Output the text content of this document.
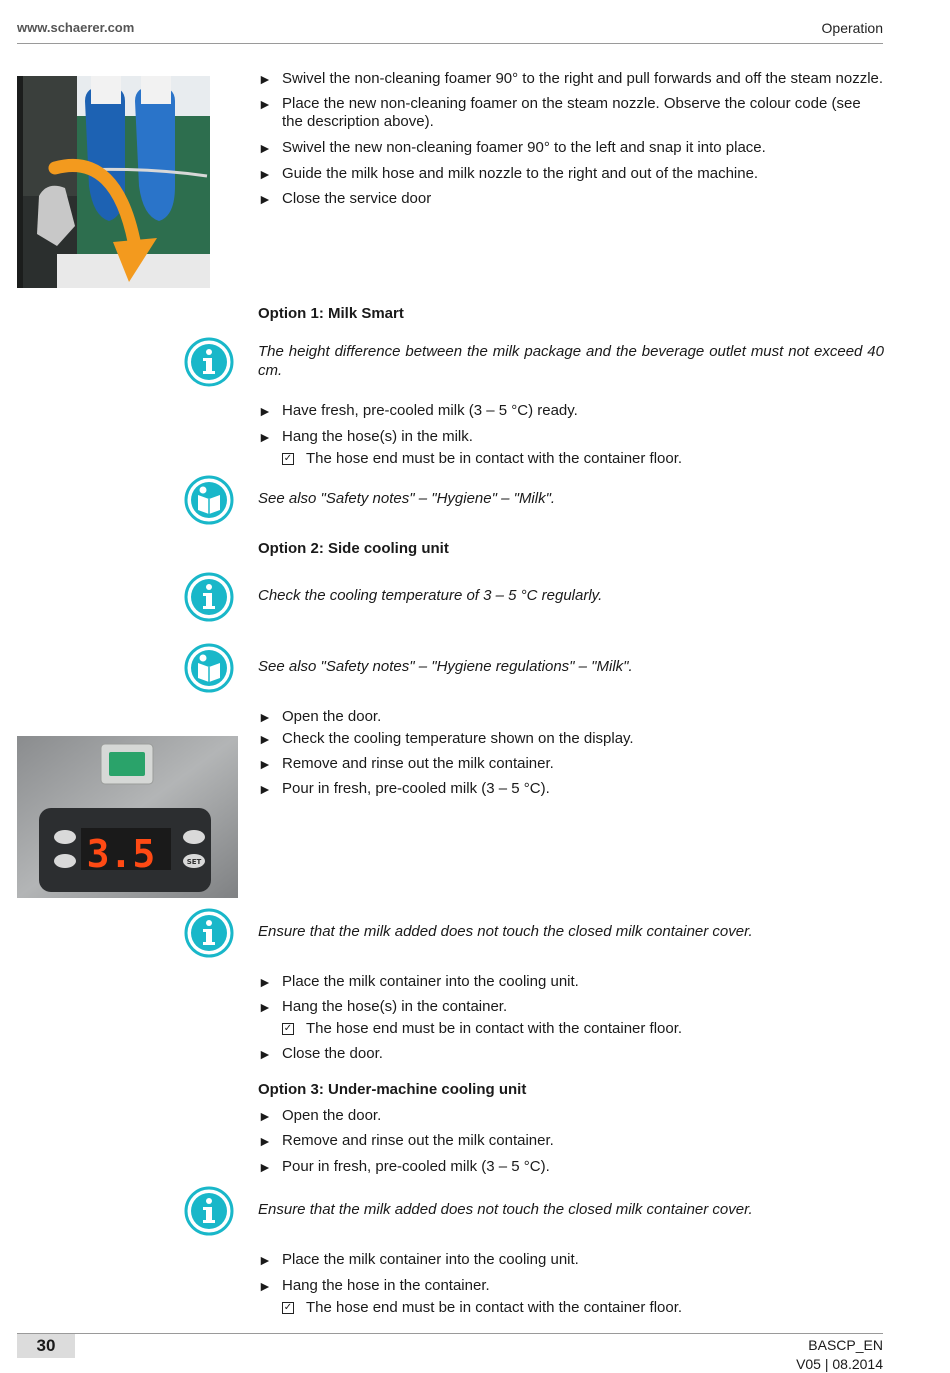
www.schaerer.com	Operation
► Swivel the non-cleaning foamer 90° to the right and pull forwards and off the steam nozzle.
► Place the new non-cleaning foamer on the steam nozzle. Observe the colour code (see the description above).
► Swivel the new non-cleaning foamer 90° to the left and snap it into place.
► Guide the milk hose and milk nozzle to the right and out of the machine.
► Close the service door
Option 1: Milk Smart
The height difference between the milk package and the beverage outlet must not exceed 40 cm.
► Have fresh, pre-cooled milk (3 – 5 °C) ready.
► Hang the hose(s) in the milk.
✓ The hose end must be in contact with the container floor.
See also "Safety notes" – "Hygiene" – "Milk".
Option 2: Side cooling unit
Check the cooling temperature of 3 – 5 °C regularly.
See also "Safety notes" – "Hygiene regulations" – "Milk".
3.5	SET
► Open the door.
► Check the cooling temperature shown on the display.
► Remove and rinse out the milk container.
► Pour in fresh, pre-cooled milk (3 – 5 °C).
Ensure that the milk added does not touch the closed milk container cover.
► Place the milk container into the cooling unit.
► Hang the hose(s) in the container.
✓ The hose end must be in contact with the container floor.
► Close the door.
Option 3: Under-machine cooling unit
► Open the door.
► Remove and rinse out the milk container.
► Pour in fresh, pre-cooled milk (3 – 5 °C).
Ensure that the milk added does not touch the closed milk container cover.
► Place the milk container into the cooling unit.
► Hang the hose in the container.
✓ The hose end must be in contact with the container floor.
30	BASCP_EN
V05 | 08.2014
